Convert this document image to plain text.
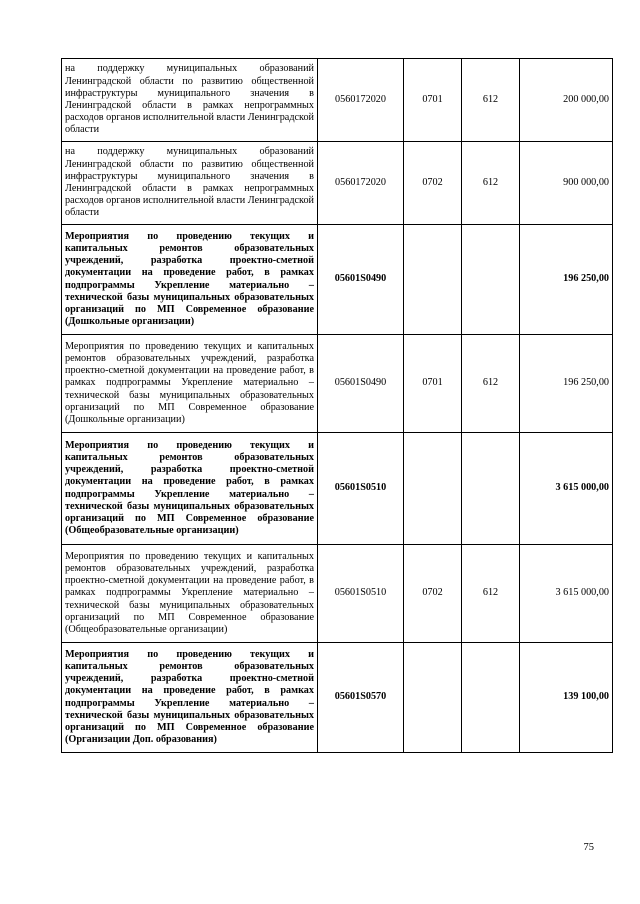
на поддержку муниципальных образований Ленинградской области по развитию общественной инфраструктуры муниципального значения в Ленинградской области в рамках непрограммных расходов органов исполнительной власти Ленинградской области	0560172020	0701	612	200 000,00
на поддержку муниципальных образований Ленинградской области по развитию общественной инфраструктуры муниципального значения в Ленинградской области в рамках непрограммных расходов органов исполнительной власти Ленинградской области	0560172020	0702	612	900 000,00
Мероприятия по проведению текущих и капитальных ремонтов образовательных учреждений, разработка проектно-сметной документации на проведение работ, в рамках подпрограммы Укрепление материально – технической базы муниципальных образовательных организаций по МП Современное образование (Дошкольные организации)	05601S0490			196 250,00
Мероприятия по проведению текущих и капитальных ремонтов образовательных учреждений, разработка проектно-сметной документации на проведение работ, в рамках подпрограммы Укрепление материально – технической базы муниципальных образовательных организаций по МП Современное образование (Дошкольные организации)	05601S0490	0701	612	196 250,00
Мероприятия по проведению текущих и капитальных ремонтов образовательных учреждений, разработка проектно-сметной документации на проведение работ, в рамках подпрограммы Укрепление материально – технической базы муниципальных образовательных организаций по МП Современное образование (Общеобразовательные организации)	05601S0510			3 615 000,00
Мероприятия по проведению текущих и капитальных ремонтов образовательных учреждений, разработка проектно-сметной документации на проведение работ, в рамках подпрограммы Укрепление материально – технической базы муниципальных образовательных организаций по МП Современное образование (Общеобразовательные организации)	05601S0510	0702	612	3 615 000,00
Мероприятия по проведению текущих и капитальных ремонтов образовательных учреждений, разработка проектно-сметной документации на проведение работ, в рамках подпрограммы Укрепление материально – технической базы муниципальных образовательных организаций по МП Современное образование (Организации Доп. образования)	05601S0570			139 100,00
75
